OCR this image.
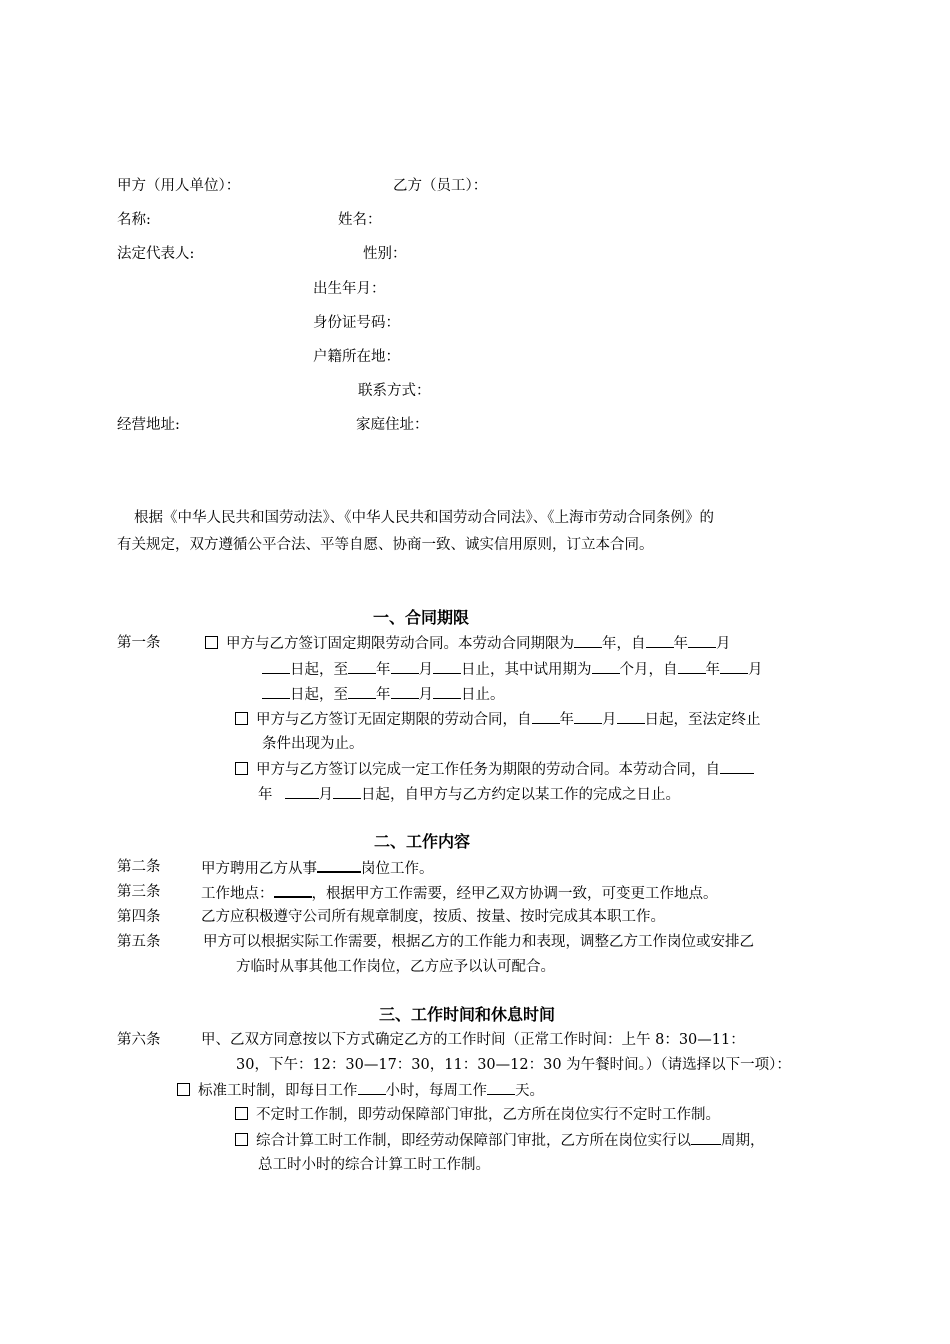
甲方（用人单位）：	乙方（员工）：
名称:	姓名：
法定代表人:	性别：
出生年月：
身份证号码：
户籍所在地：
联系方式：
经营地址:	家庭住址：
根据《中华人民共和国劳动法》、《中华人民共和国劳动合同法》、《上海市劳动合同条例》的
有关规定，双方遵循公平合法、平等自愿、协商一致、诚实信用原则，订立本合同。
一、合同期限
第一条	甲方与乙方签订固定期限劳动合同。本劳动合同期限为 年，自 年 月
日起，至 年 月 日止，其中试用期为 个月，自 年 月
日起，至 年 月 日止。
甲方与乙方签订无固定期限的劳动合同，自 年 月 日起，至法定终止
条件出现为止。
甲方与乙方签订以完成一定工作任务为期限的劳动合同。本劳动合同，自
年	月 日起，自甲方与乙方约定以某工作的完成之日止。
二、工作内容
第二条	甲方聘用乙方从事	岗位工作。
第三条	工作地点：	，根据甲方工作需要，经甲乙双方协调一致，可变更工作地点。
第四条	乙方应积极遵守公司所有规章制度，按质、按量、按时完成其本职工作。
第五条	甲方可以根据实际工作需要，根据乙方的工作能力和表现，调整乙方工作岗位或安排乙
方临时从事其他工作岗位，乙方应予以认可配合。
三、工作时间和休息时间
第六条	甲、乙双方同意按以下方式确定乙方的工作时间（正常工作时间：上午 8：30—11：
30，下午：12：30—17：30，11：30—12：30 为午餐时间。）（请选择以下一项）：
标准工时制，即每日工作 小时，每周工作 天。
不定时工作制，即劳动保障部门审批，乙方所在岗位实行不定时工作制。
综合计算工时工作制，即经劳动保障部门审批，乙方所在岗位实行以 周期，
总工时小时的综合计算工时工作制。
